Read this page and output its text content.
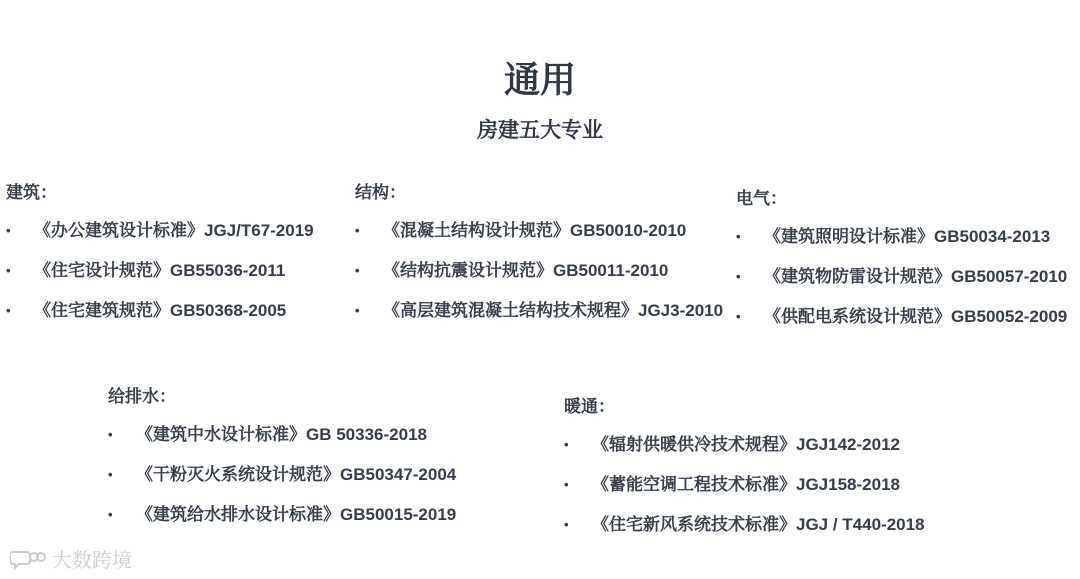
通用
房建五大专业
建筑：
• 《办公建筑设计标准》JGJ/T67-2019
• 《住宅设计规范》GB55036-2011
• 《住宅建筑规范》GB50368-2005
结构：
• 《混凝土结构设计规范》GB50010-2010
• 《结构抗震设计规范》GB50011-2010
• 《高层建筑混凝土结构技术规程》JGJ3-2010
电气：
• 《建筑照明设计标准》GB50034-2013
• 《建筑物防雷设计规范》GB50057-2010
• 《供配电系统设计规范》GB50052-2009
给排水：
• 《建筑中水设计标准》GB 50336-2018
• 《干粉灭火系统设计规范》GB50347-2004
• 《建筑给水排水设计标准》GB50015-2019
暖通：
• 《辐射供暖供冷技术规程》JGJ142-2012
• 《蓄能空调工程技术标准》JGJ158-2018
• 《住宅新风系统技术标准》JGJ / T440-2018
大数跨境
